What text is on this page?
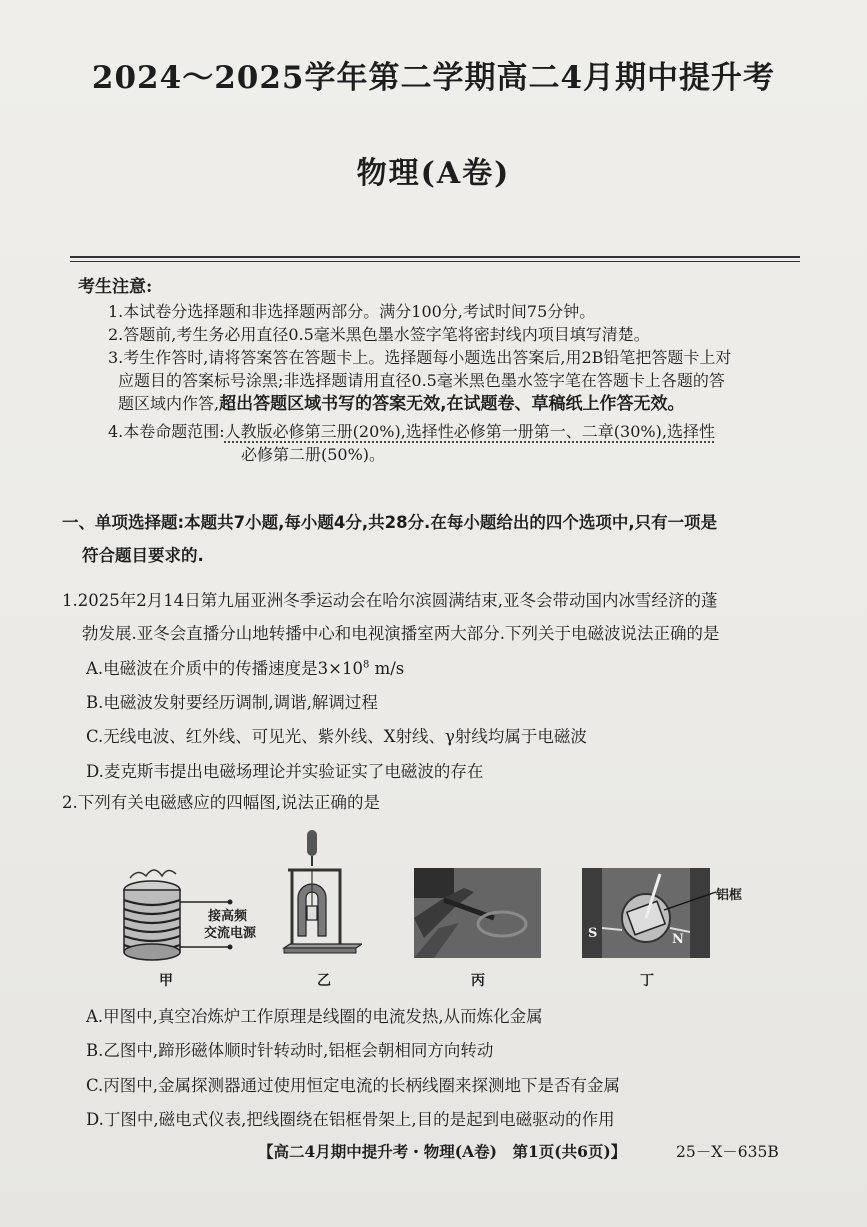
2024～2025学年第二学期高二4月期中提升考
物理(A卷)
考生注意:
1.本试卷分选择题和非选择题两部分。满分100分,考试时间75分钟。
2.答题前,考生务必用直径0.5毫米黑色墨水签字笔将密封线内项目填写清楚。
3.考生作答时,请将答案答在答题卡上。选择题每小题选出答案后,用2B铅笔把答题卡上对
应题目的答案标号涂黑;非选择题请用直径0.5毫米黑色墨水签字笔在答题卡上各题的答
题区域内作答,超出答题区域书写的答案无效,在试题卷、草稿纸上作答无效。
4.本卷命题范围:人教版必修第三册(20%),选择性必修第一册第一、二章(30%),选择性
必修第二册(50%)。
一、单项选择题:本题共7小题,每小题4分,共28分.在每小题给出的四个选项中,只有一项是
符合题目要求的.
1.2025年2月14日第九届亚洲冬季运动会在哈尔滨圆满结束,亚冬会带动国内冰雪经济的蓬
勃发展.亚冬会直播分山地转播中心和电视演播室两大部分.下列关于电磁波说法正确的是
A.电磁波在介质中的传播速度是$3\times 10^8$ m/s
B.电磁波发射要经历调制,调谐,解调过程
C.无线电波、红外线、可见光、紫外线、X射线、γ射线均属于电磁波
D.麦克斯韦提出电磁场理论并实验证实了电磁波的存在
2.下列有关电磁感应的四幅图,说法正确的是
接高频
交流电源
甲	乙	丙
S	N
铝框
丁
A.甲图中,真空冶炼炉工作原理是线圈的电流发热,从而炼化金属
B.乙图中,蹄形磁体顺时针转动时,铝框会朝相同方向转动
C.丙图中,金属探测器通过使用恒定电流的长柄线圈来探测地下是否有金属
D.丁图中,磁电式仪表,把线圈绕在铝框骨架上,目的是起到电磁驱动的作用
【高二4月期中提升考・物理(A卷)　第1页(共6页)】	25－X－635B
